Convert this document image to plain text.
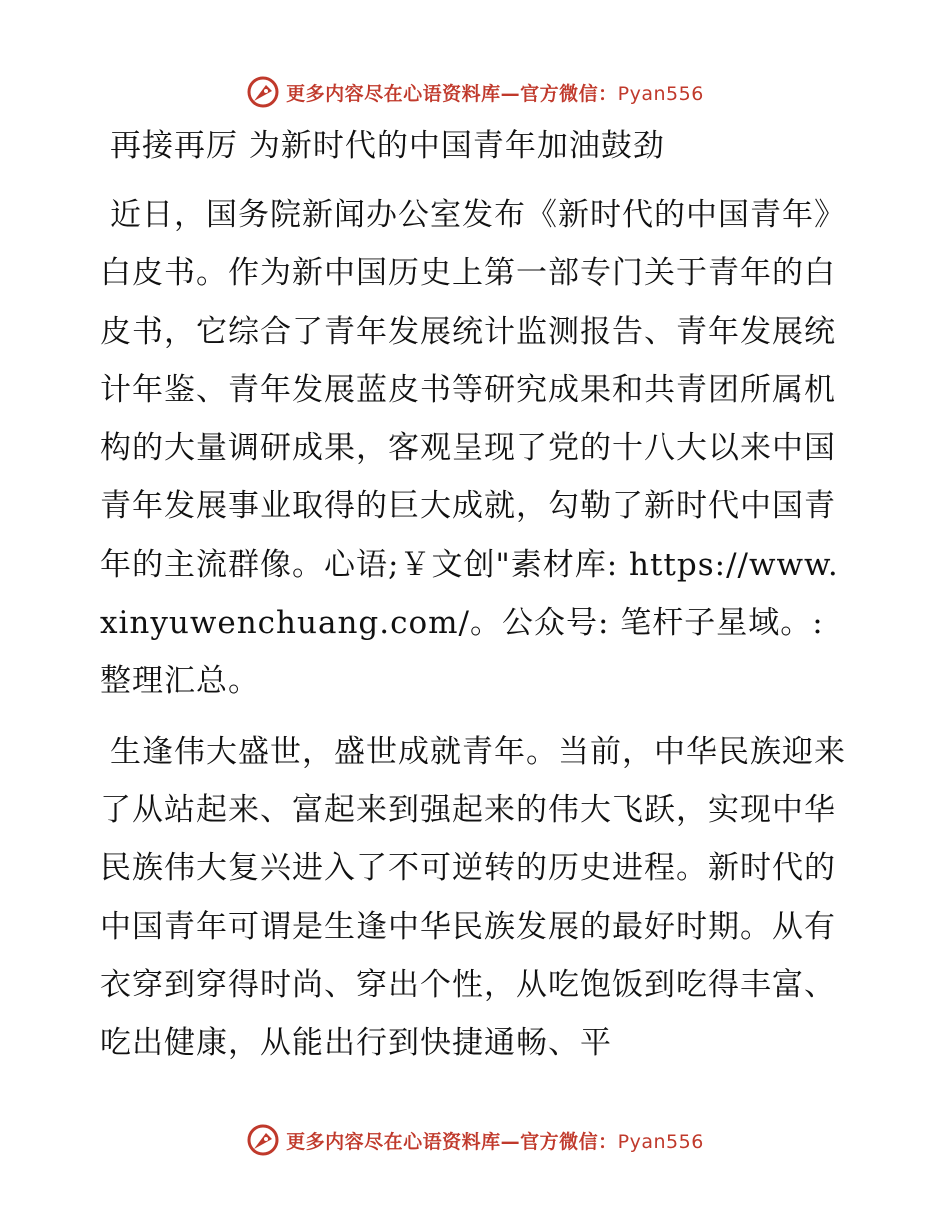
更多内容尽在心语资料库—官方微信：Pyan556
再接再厉 为新时代的中国青年加油鼓劲

近日，国务院新闻办公室发布《新时代的中国青年》白皮书。作为新中国历史上第一部专门关于青年的白皮书，它综合了青年发展统计监测报告、青年发展统计年鉴、青年发展蓝皮书等研究成果和共青团所属机构的大量调研成果，客观呈现了党的十八大以来中国青年发展事业取得的巨大成就，勾勒了新时代中国青年的主流群像。心语;￥文创"素材库: https://www.xinyuwenchuang.com/。公众号: 笔杆子星域。:整理汇总。

生逢伟大盛世，盛世成就青年。当前，中华民族迎来了从站起来、富起来到强起来的伟大飞跃，实现中华民族伟大复兴进入了不可逆转的历史进程。新时代的中国青年可谓是生逢中华民族发展的最好时期。从有衣穿到穿得时尚、穿出个性，从吃饱饭到吃得丰富、吃出健康，从能出行到快捷通畅、平

更多内容尽在心语资料库—官方微信：Pyan556
